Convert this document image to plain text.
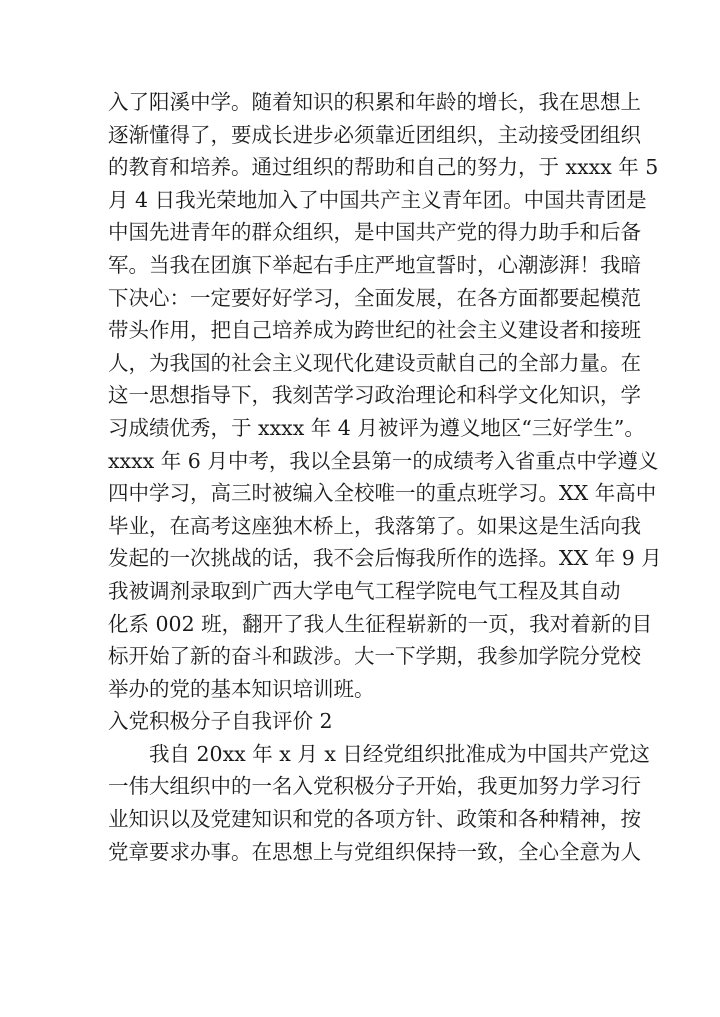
入了阳溪中学。随着知识的积累和年龄的增长，我在思想上
逐渐懂得了，要成长进步必须靠近团组织，主动接受团组织
的教育和培养。通过组织的帮助和自己的努力，于 xxxx 年 5
月 4 日我光荣地加入了中国共产主义青年团。中国共青团是
中国先进青年的群众组织，是中国共产党的得力助手和后备
军。当我在团旗下举起右手庄严地宣誓时，心潮澎湃！我暗
下决心：一定要好好学习，全面发展，在各方面都要起模范
带头作用，把自己培养成为跨世纪的社会主义建设者和接班
人，为我国的社会主义现代化建设贡献自己的全部力量。在
这一思想指导下，我刻苦学习政治理论和科学文化知识，学
习成绩优秀，于 xxxx 年 4 月被评为遵义地区“三好学生”。
xxxx 年 6 月中考，我以全县第一的成绩考入省重点中学遵义
四中学习，高三时被编入全校唯一的重点班学习。XX 年高中
毕业，在高考这座独木桥上，我落第了。如果这是生活向我
发起的一次挑战的话，我不会后悔我所作的选择。XX 年 9 月
我被调剂录取到广西大学电气工程学院电气工程及其自动
化系 002 班，翻开了我人生征程崭新的一页，我对着新的目
标开始了新的奋斗和跋涉。大一下学期，我参加学院分党校
举办的党的基本知识培训班。
入党积极分子自我评价 2
我自 20xx 年 x 月 x 日经党组织批准成为中国共产党这
一伟大组织中的一名入党积极分子开始，我更加努力学习行
业知识以及党建知识和党的各项方针、政策和各种精神，按
党章要求办事。在思想上与党组织保持一致，全心全意为人
